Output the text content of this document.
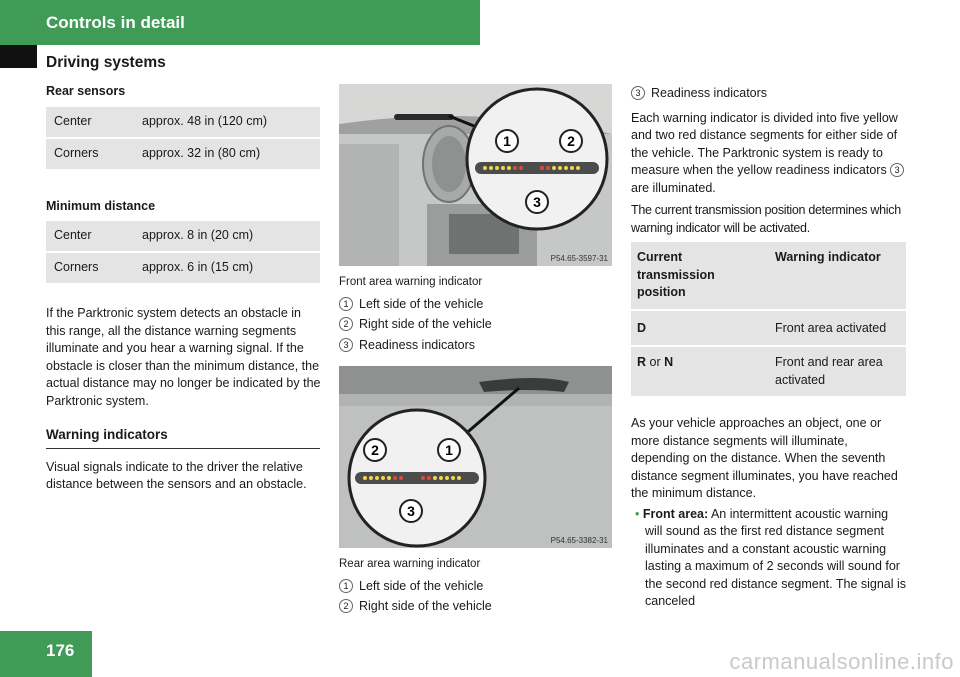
Controls in detail
Driving systems
Rear sensors
Center	approx. 48 in (120 cm)
Corners	approx. 32 in (80 cm)
Minimum distance
Center	approx. 8 in (20 cm)
Corners	approx. 6 in (15 cm)

If the Parktronic system detects an obstacle in this range, all the distance warning segments illuminate and you hear a warning signal. If the obstacle is closer than the minimum distance, the actual distance may no longer be indicated by the Parktronic system.

Warning indicators

Visual signals indicate to the driver the relative distance between the sensors and an obstacle.

1	2
3
P54.65-3597-31
Front area warning indicator
1 Left side of the vehicle
2 Right side of the vehicle
3 Readiness indicators
2	1
3
P54.65-3382-31
Rear area warning indicator
1 Left side of the vehicle
2 Right side of the vehicle
3 Readiness indicators

Each warning indicator is divided into five yellow and two red distance segments for either side of the vehicle. The Parktronic system is ready to measure when the yellow readiness indicators 3 are illuminated.

The current transmission position determines which warning indicator will be activated.

Current transmission position	Warning indicator
D	Front area activated
R or N	Front and rear area activated

As your vehicle approaches an object, one or more distance segments will illuminate, depending on the distance. When the seventh distance segment illuminates, you have reached the minimum distance.

• Front area: An intermittent acoustic warning will sound as the first red distance segment illuminates and a constant acoustic warning lasting a maximum of 2 seconds will sound for the second red distance segment. The signal is canceled
176	carmanualsonline.info
